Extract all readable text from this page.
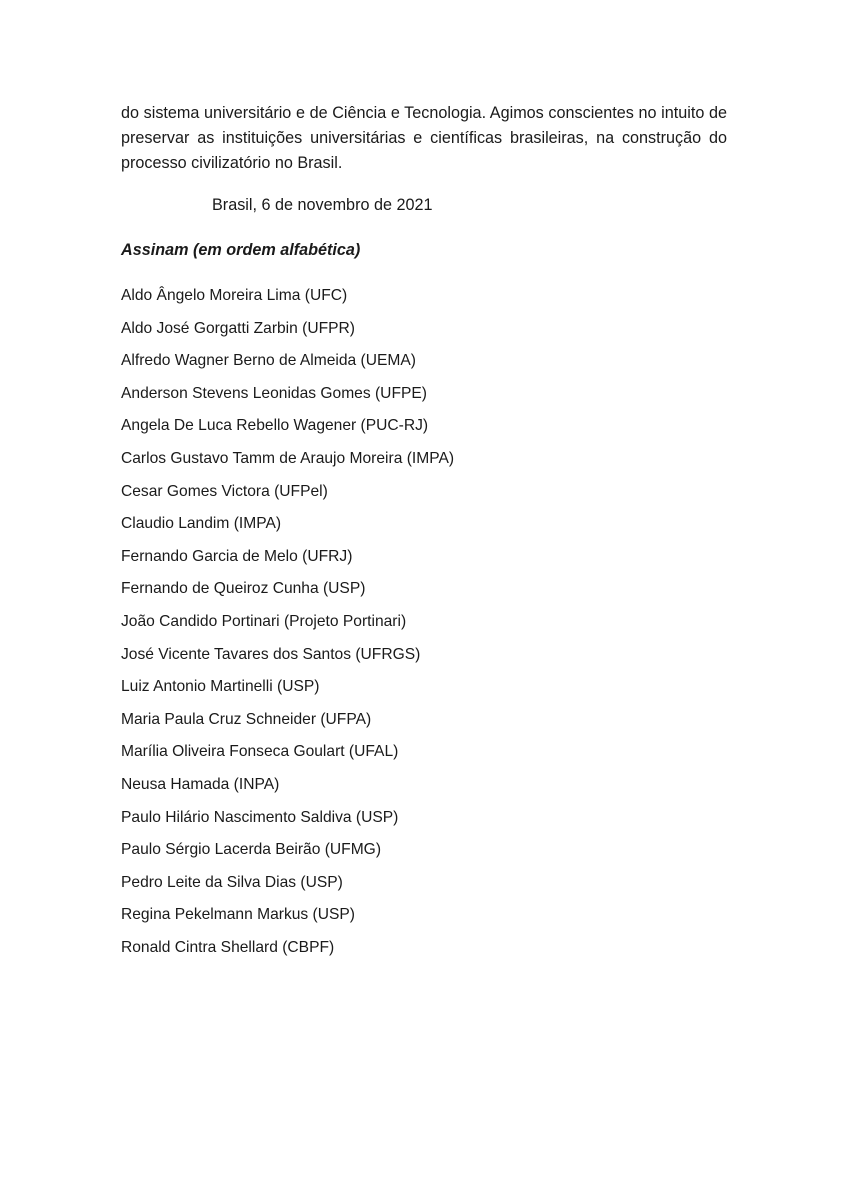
do sistema universitário e de Ciência e Tecnologia. Agimos conscientes no intuito de preservar as instituições universitárias e científicas brasileiras, na construção do processo civilizatório no Brasil.

Brasil, 6 de novembro de 2021

Assinam (em ordem alfabética)

Aldo Ângelo Moreira Lima (UFC)
Aldo José Gorgatti Zarbin (UFPR)
Alfredo Wagner Berno de Almeida (UEMA)
Anderson Stevens Leonidas Gomes (UFPE)
Angela De Luca Rebello Wagener (PUC-RJ)
Carlos Gustavo Tamm de Araujo Moreira (IMPA)
Cesar Gomes Victora (UFPel)
Claudio Landim (IMPA)
Fernando Garcia de Melo (UFRJ)
Fernando de Queiroz Cunha (USP)
João Candido Portinari (Projeto Portinari)
José Vicente Tavares dos Santos (UFRGS)
Luiz Antonio Martinelli (USP)
Maria Paula Cruz Schneider (UFPA)
Marília Oliveira Fonseca Goulart (UFAL)
Neusa Hamada (INPA)
Paulo Hilário Nascimento Saldiva (USP)
Paulo Sérgio Lacerda Beirão (UFMG)
Pedro Leite da Silva Dias (USP)
Regina Pekelmann Markus (USP)
Ronald Cintra Shellard (CBPF)
